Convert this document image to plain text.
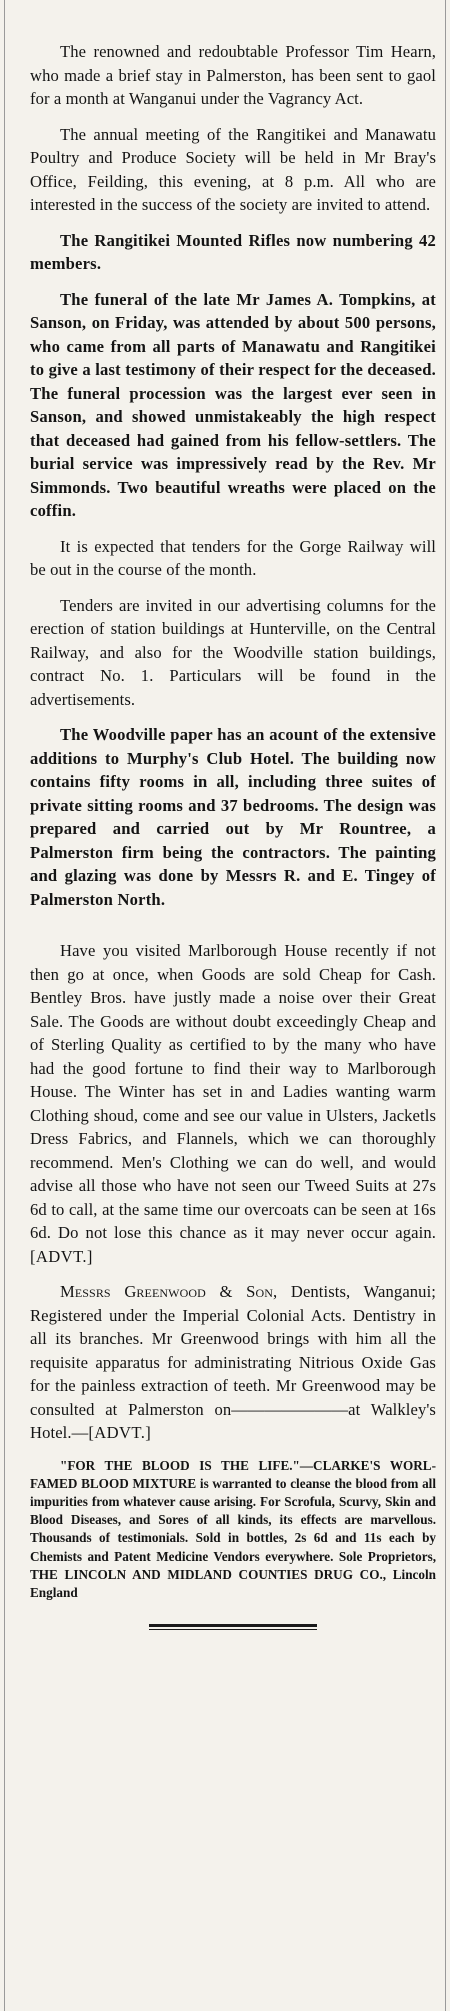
The renowned and redoubtable Professor Tim Hearn, who made a brief stay in Palmerston, has been sent to gaol for a month at Wanganui under the Vagrancy Act.

The annual meeting of the Rangitikei and Manawatu Poultry and Produce Society will be held in Mr Bray's Office, Feilding, this evening, at 8 p.m. All who are interested in the success of the society are invited to attend.

The Rangitikei Mounted Rifles now numbering 42 members.

The funeral of the late Mr James A. Tompkins, at Sanson, on Friday, was attended by about 500 persons, who came from all parts of Manawatu and Rangitikei to give a last testimony of their respect for the deceased. The funeral procession was the largest ever seen in Sanson, and showed unmistakeably the high respect that deceased had gained from his fellow-settlers. The burial service was impressively read by the Rev. Mr Simmonds. Two beautiful wreaths were placed on the coffin.

It is expected that tenders for the Gorge Railway will be out in the course of the month.

Tenders are invited in our advertising columns for the erection of station buildings at Hunterville, on the Central Railway, and also for the Woodville station buildings, contract No. 1. Particulars will be found in the advertisements.

The Woodville paper has an acount of the extensive additions to Murphy's Club Hotel. The building now contains fifty rooms in all, including three suites of private sitting rooms and 37 bedrooms. The design was prepared and carried out by Mr Rountree, a Palmerston firm being the contractors. The painting and glazing was done by Messrs R. and E. Tingey of Palmerston North.

Have you visited Marlborough House recently if not then go at once, when Goods are sold Cheap for Cash. Bentley Bros. have justly made a noise over their Great Sale. The Goods are without doubt exceedingly Cheap and of Sterling Quality as certified to by the many who have had the good fortune to find their way to Marlborough House. The Winter has set in and Ladies wanting warm Clothing shoud, come and see our value in Ulsters, Jacketls Dress Fabrics, and Flannels, which we can thoroughly recommend. Men's Clothing we can do well, and would advise all those who have not seen our Tweed Suits at 27s 6d to call, at the same time our overcoats can be seen at 16s 6d. Do not lose this chance as it may never occur again. [ADVT.]

Messrs Greenwood & Son, Dentists, Wanganui; Registered under the Imperial Colonial Acts. Dentistry in all its branches. Mr Greenwood brings with him all the requisite apparatus for administrating Nitrious Oxide Gas for the painless extraction of teeth. Mr Greenwood may be consulted at Palmerston on———————at Walkley's Hotel.—[ADVT.]

"FOR THE BLOOD IS THE LIFE."—CLARKE'S WORL-FAMED BLOOD MIXTURE is warranted to cleanse the blood from all impurities from whatever cause arising. For Scrofula, Scurvy, Skin and Blood Diseases, and Sores of all kinds, its effects are marvellous. Thousands of testimonials. Sold in bottles, 2s 6d and 11s each by Chemists and Patent Medicine Vendors everywhere. Sole Proprietors, THE LINCOLN AND MIDLAND COUNTIES DRUG CO., Lincoln England
